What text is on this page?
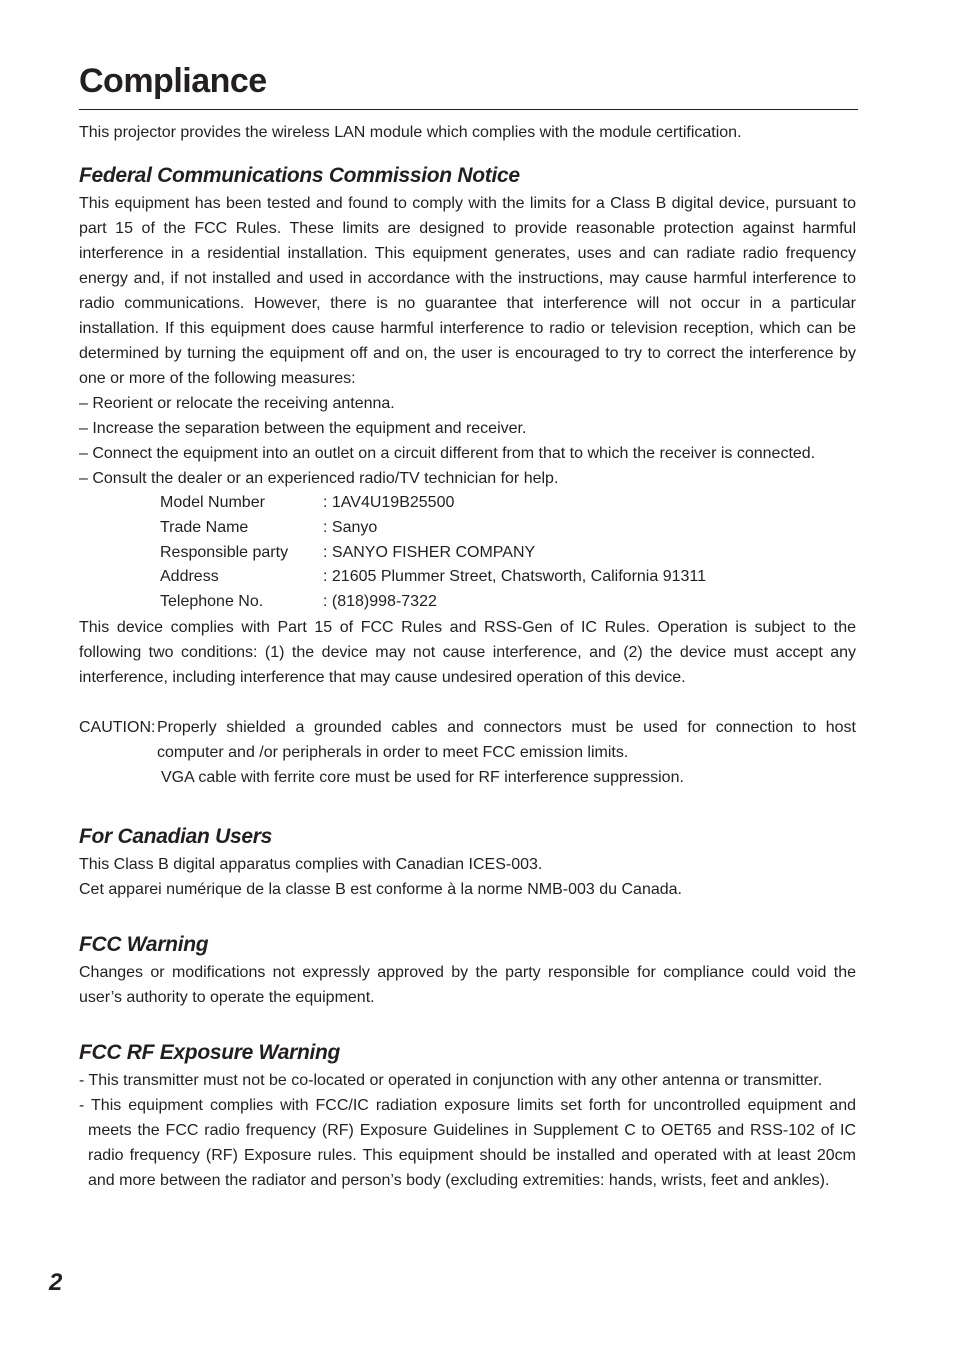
Compliance

This projector provides the wireless LAN module which complies with the module certification.

Federal Communications Commission Notice

This equipment has been tested and found to comply with the limits for a Class B digital device, pursuant to part 15 of the FCC Rules. These limits are designed to provide reasonable protection against harmful interference in a residential installation. This equipment generates, uses and can radiate radio frequency energy and, if not installed and used in accordance with the instructions, may cause harmful interference to radio communications. However, there is no guarantee that interference will not occur in a particular installation. If this equipment does cause harmful interference to radio or television reception, which can be determined by turning the equipment off and on, the user is encouraged to try to correct the interference by one or more of the following measures:

– Reorient or relocate the receiving antenna.

– Increase the separation between the equipment and receiver.

– Connect the equipment into an outlet on a circuit different from that to which the receiver is connected.

– Consult the dealer or an experienced radio/TV technician for help.

Model Number	: 1AV4U19B25500
Trade Name	: Sanyo
Responsible party	: SANYO FISHER COMPANY
Address	: 21605 Plummer Street, Chatsworth, California 91311
Telephone No.	: (818)998-7322

This device complies with Part 15 of FCC Rules and RSS-Gen of IC Rules. Operation is subject to the following two conditions: (1) the device may not cause interference, and (2) the device must accept any interference, including interference that may cause undesired operation of this device.

CAUTION: Properly shielded a grounded cables and connectors must be used for connection to host computer and /or peripherals in order to meet FCC emission limits.

VGA cable with ferrite core must be used for RF interference suppression.

For Canadian Users

This Class B digital apparatus complies with Canadian ICES-003.

Cet apparei numérique de la classe B est conforme à la norme NMB-003 du Canada.

FCC Warning

Changes or modifications not expressly approved by the party responsible for compliance could void the user’s authority to operate the equipment.

FCC RF Exposure Warning

- This transmitter must not be co-located or operated in conjunction with any other antenna or transmitter.

- This equipment complies with FCC/IC radiation exposure limits set forth for uncontrolled equipment and meets the FCC radio frequency (RF) Exposure Guidelines in Supplement C to OET65 and RSS-102 of IC radio frequency (RF) Exposure rules. This equipment should be installed and operated with at least 20cm and more between the radiator and person’s body (excluding extremities: hands, wrists, feet and ankles).

2
